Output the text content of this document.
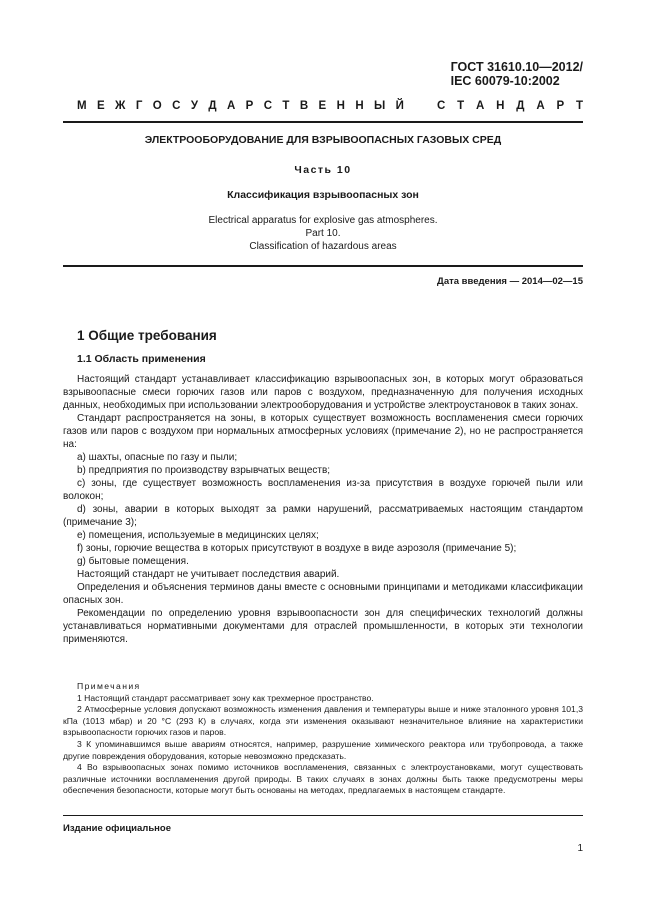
ГОСТ 31610.10—2012/
IEC 60079-10:2002
М Е Ж Г О С У Д А Р С Т В Е Н Н Ы Й	С Т А Н Д А Р Т
ЭЛЕКТРООБОРУДОВАНИЕ ДЛЯ ВЗРЫВООПАСНЫХ ГАЗОВЫХ СРЕД
Часть 10
Классификация взрывоопасных зон
Electrical apparatus for explosive gas atmospheres.
Part 10.
Classification of hazardous areas
Дата введения — 2014—02—15
1 Общие требования
1.1 Область применения

Настоящий стандарт устанавливает классификацию взрывоопасных зон, в которых могут образоваться взрывоопасные смеси горючих газов или паров с воздухом, предназначенную для получения исходных данных, необходимых при использовании электрооборудования и устройстве электроустановок в таких зонах.

Стандарт распространяется на зоны, в которых существует возможность воспламенения смеси горючих газов или паров с воздухом при нормальных атмосферных условиях (примечание 2), но не распространяется на:

a) шахты, опасные по газу и пыли;

b) предприятия по производству взрывчатых веществ;

c) зоны, где существует возможность воспламенения из-за присутствия в воздухе горючей пыли или волокон;

d) зоны, аварии в которых выходят за рамки нарушений, рассматриваемых настоящим стандартом (примечание 3);

e) помещения, используемые в медицинских целях;

f) зоны, горючие вещества в которых присутствуют в воздухе в виде аэрозоля (примечание 5);

g) бытовые помещения.

Настоящий стандарт не учитывает последствия аварий.

Определения и объяснения терминов даны вместе с основными принципами и методиками классификации опасных зон.

Рекомендации по определению уровня взрывоопасности зон для специфических технологий должны устанавливаться нормативными документами для отраслей промышленности, в которых эти технологии применяются.

Примечания

1 Настоящий стандарт рассматривает зону как трехмерное пространство.

2 Атмосферные условия допускают возможность изменения давления и температуры выше и ниже эталонного уровня 101,3 кПа (1013 мбар) и 20 °С (293 К) в случаях, когда эти изменения оказывают незначительное влияние на характеристики взрывоопасности горючих газов и паров.

3 К упоминавшимся выше авариям относятся, например, разрушение химического реактора или трубопровода, а также другие повреждения оборудования, которые невозможно предсказать.

4 Во взрывоопасных зонах помимо источников воспламенения, связанных с электроустановками, могут существовать различные источники воспламенения другой природы. В таких случаях в зонах должны быть также предусмотрены меры обеспечения безопасности, которые могут быть основаны на методах, предлагаемых в настоящем стандарте.

Издание официальное
1
